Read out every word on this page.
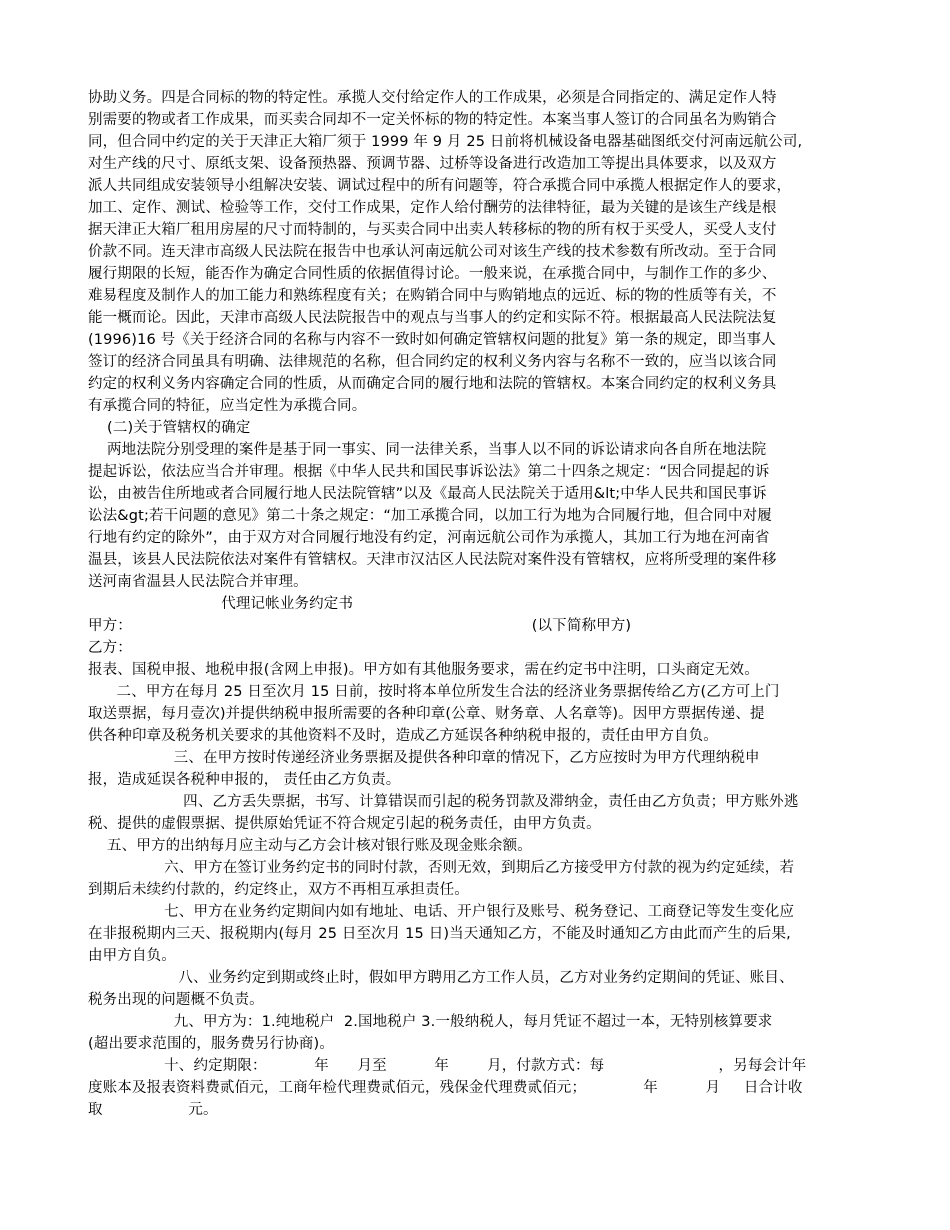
协助义务。四是合同标的物的特定性。承揽人交付给定作人的工作成果，必须是合同指定的、满足定作人特
别需要的物或者工作成果，而买卖合同却不一定关怀标的物的特定性。本案当事人签订的合同虽名为购销合
同，但合同中约定的关于天津正大箱厂须于 1999 年 9 月 25 日前将机械设备电器基础图纸交付河南远航公司,
对生产线的尺寸、原纸支架、设备预热器、预调节器、过桥等设备进行改造加工等提出具体要求，以及双方
派人共同组成安装领导小组解决安装、调试过程中的所有问题等，符合承揽合同中承揽人根据定作人的要求，
加工、定作、测试、检验等工作，交付工作成果，定作人给付酬劳的法律特征，最为关键的是该生产线是根
据天津正大箱厂租用房屋的尺寸而特制的，与买卖合同中出卖人转移标的物的所有权于买受人，买受人支付
价款不同。连天津市高级人民法院在报告中也承认河南远航公司对该生产线的技术参数有所改动。至于合同
履行期限的长短，能否作为确定合同性质的依据值得讨论。一般来说，在承揽合同中，与制作工作的多少、
难易程度及制作人的加工能力和熟练程度有关；在购销合同中与购销地点的远近、标的物的性质等有关，不
能一概而论。因此，天津市高级人民法院报告中的观点与当事人的约定和实际不符。根据最高人民法院法复
(1996)16 号《关于经济合同的名称与内容不一致时如何确定管辖权问题的批复》第一条的规定，即当事人
签订的经济合同虽具有明确、法律规范的名称，但合同约定的权利义务内容与名称不一致的，应当以该合同
约定的权利义务内容确定合同的性质，从而确定合同的履行地和法院的管辖权。本案合同约定的权利义务具
有承揽合同的特征，应当定性为承揽合同。
(二)关于管辖权的确定
两地法院分别受理的案件是基于同一事实、同一法律关系，当事人以不同的诉讼请求向各自所在地法院
提起诉讼，依法应当合并审理。根据《中华人民共和国民事诉讼法》第二十四条之规定：“因合同提起的诉
讼，由被告住所地或者合同履行地人民法院管辖”以及《最高人民法院关于适用&lt;中华人民共和国民事诉
讼法&gt;若干问题的意见》第二十条之规定：“加工承揽合同，以加工行为地为合同履行地，但合同中对履
行地有约定的除外”，由于双方对合同履行地没有约定，河南远航公司作为承揽人，其加工行为地在河南省
温县，该县人民法院依法对案件有管辖权。天津市汉沽区人民法院对案件没有管辖权，应将所受理的案件移
送河南省温县人民法院合并审理。
代理记帐业务约定书
甲方：                                                                                    (以下简称甲方)
乙方：
报表、国税申报、地税申报(含网上申报)。甲方如有其他服务要求，需在约定书中注明，口头商定无效。
二、甲方在每月 25 日至次月 15 日前，按时将本单位所发生合法的经济业务票据传给乙方(乙方可上门
取送票据，每月壹次)并提供纳税申报所需要的各种印章(公章、财务章、人名章等)。因甲方票据传递、提
供各种印章及税务机关要求的其他资料不及时，造成乙方延误各种纳税申报的，责任由甲方自负。
三、在甲方按时传递经济业务票据及提供各种印章的情况下，乙方应按时为甲方代理纳税申
报，造成延误各税种申报的， 责任由乙方负责。
四、乙方丢失票据，书写、计算错误而引起的税务罚款及滞纳金，责任由乙方负责；甲方账外逃
税、提供的虚假票据、提供原始凭证不符合规定引起的税务责任，由甲方负责。
五、甲方的出纳每月应主动与乙方会计核对银行账及现金账余额。
六、甲方在签订业务约定书的同时付款，否则无效，到期后乙方接受甲方付款的视为约定延续，若
到期后未续约付款的，约定终止，双方不再相互承担责任。
七、甲方在业务约定期间内如有地址、电话、开户银行及账号、税务登记、工商登记等发生变化应
在非报税期内三天、报税期内(每月 25 日至次月 15 日)当天通知乙方，不能及时通知乙方由此而产生的后果,
由甲方自负。
八、业务约定到期或终止时，假如甲方聘用乙方工作人员，乙方对业务约定期间的凭证、账目、
税务出现的问题概不负责。
九、甲方为：1.纯地税户  2.国地税户 3.一般纳税人，每月凭证不超过一本，无特别核算要求
(超出要求范围的，服务费另行协商)。
十、约定期限：          年      月至          年        月，付款方式：每                        ，另每会计年
度账本及报表资料费贰佰元，工商年检代理费贰佰元，残保金代理费贰佰元；            年          月     日合计收
取                  元。
